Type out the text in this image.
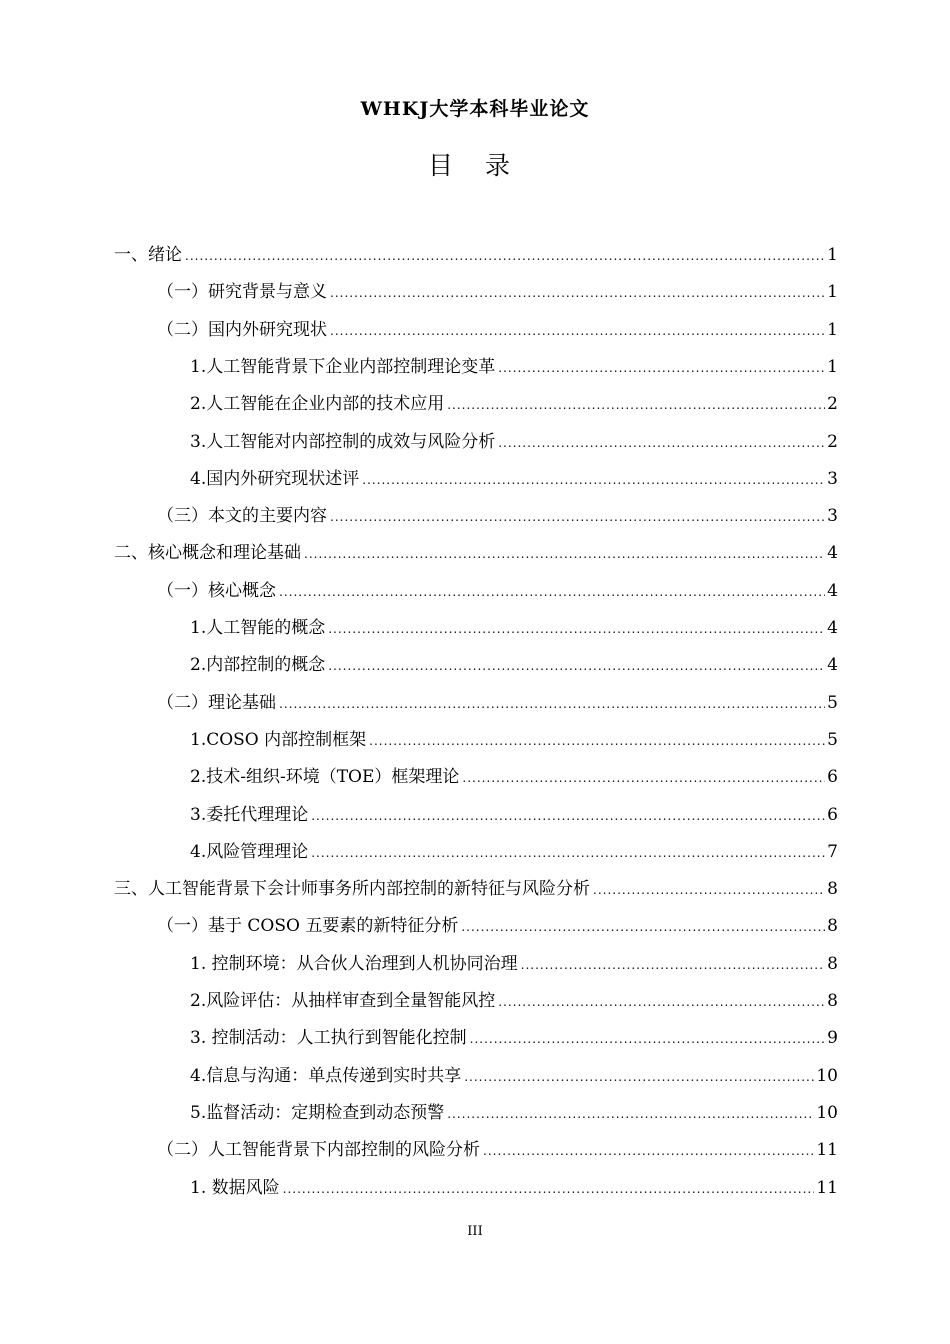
WHKJ大学本科毕业论文
目 录
一、绪论 .....	1
（一）研究背景与意义 .....	1
（二）国内外研究现状 .....	1
1.人工智能背景下企业内部控制理论变革 .....	1
2.人工智能在企业内部的技术应用 .....	2
3.人工智能对内部控制的成效与风险分析 .....	2
4.国内外研究现状述评 .....	3
（三）本文的主要内容 .....	3
二、核心概念和理论基础 .....	4
（一）核心概念 .....	4
1.人工智能的概念 .....	4
2.内部控制的概念 .....	4
（二）理论基础 .....	5
1.COSO 内部控制框架 .....	5
2.技术-组织-环境（TOE）框架理论 .....	6
3.委托代理理论 .....	6
4.风险管理理论 .....	7
三、人工智能背景下会计师事务所内部控制的新特征与风险分析 .....	8
（一）基于 COSO 五要素的新特征分析 .....	8
1. 控制环境：从合伙人治理到人机协同治理 .....	8
2.风险评估：从抽样审查到全量智能风控 .....	8
3. 控制活动：人工执行到智能化控制 .....	9
4.信息与沟通：单点传递到实时共享 .....	10
5.监督活动：定期检查到动态预警 .....	10
（二）人工智能背景下内部控制的风险分析 .....	11
1. 数据风险 .....	11
III
